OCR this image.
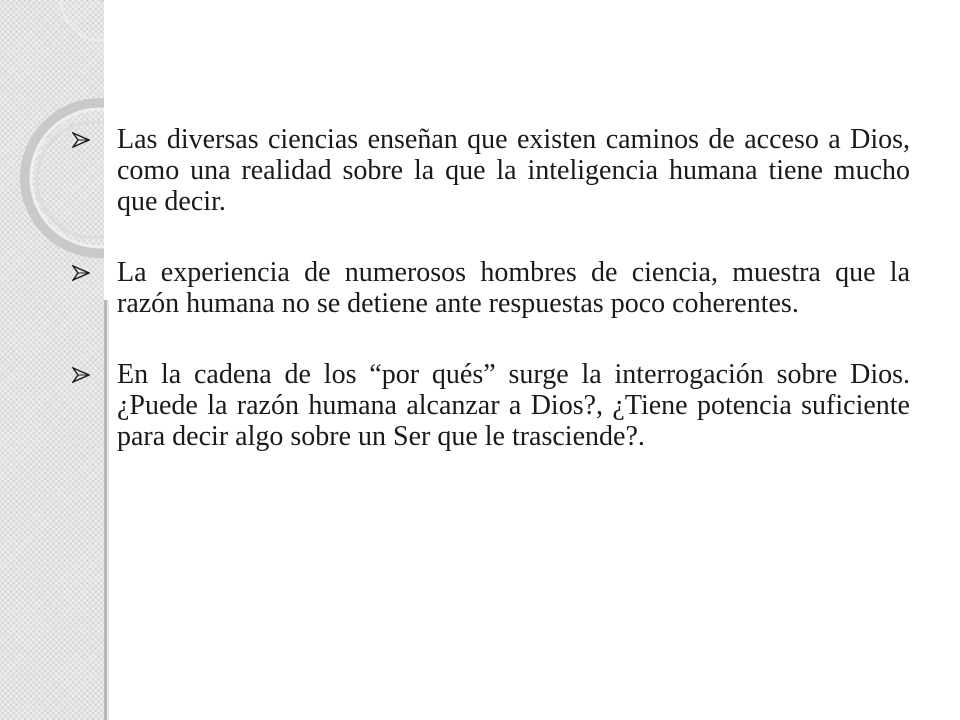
Las diversas ciencias enseñan que existen caminos de acceso a Dios, como una realidad sobre la que la inteligencia humana tiene mucho que decir.
La experiencia de numerosos hombres de ciencia, muestra que la razón humana no se detiene ante respuestas poco coherentes.
En la cadena de los “por qués” surge la interrogación sobre Dios. ¿Puede la razón humana alcanzar a Dios?, ¿Tiene potencia suficiente para decir algo sobre un Ser que le trasciende?.
